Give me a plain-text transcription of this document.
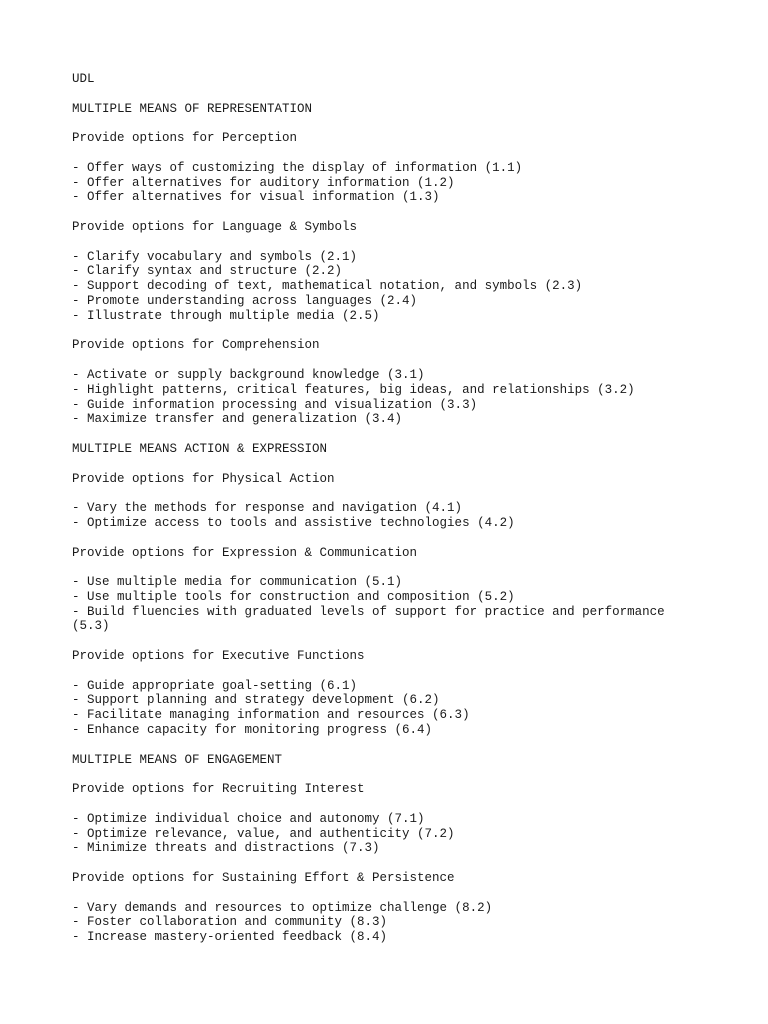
UDL
MULTIPLE MEANS OF REPRESENTATION
Provide options for Perception
- Offer ways of customizing the display of information (1.1)
- Offer alternatives for auditory information (1.2)
- Offer alternatives for visual information (1.3)
Provide options for Language & Symbols
- Clarify vocabulary and symbols (2.1)
- Clarify syntax and structure (2.2)
- Support decoding of text, mathematical notation, and symbols (2.3)
- Promote understanding across languages (2.4)
- Illustrate through multiple media (2.5)
Provide options for Comprehension
- Activate or supply background knowledge (3.1)
- Highlight patterns, critical features, big ideas, and relationships (3.2)
- Guide information processing and visualization (3.3)
- Maximize transfer and generalization (3.4)
MULTIPLE MEANS ACTION & EXPRESSION
Provide options for Physical Action
- Vary the methods for response and navigation (4.1)
- Optimize access to tools and assistive technologies (4.2)
Provide options for Expression & Communication
- Use multiple media for communication (5.1)
- Use multiple tools for construction and composition (5.2)
- Build fluencies with graduated levels of support for practice and performance (5.3)
Provide options for Executive Functions
- Guide appropriate goal-setting (6.1)
- Support planning and strategy development (6.2)
- Facilitate managing information and resources (6.3)
- Enhance capacity for monitoring progress (6.4)
MULTIPLE MEANS OF ENGAGEMENT
Provide options for Recruiting Interest
- Optimize individual choice and autonomy (7.1)
- Optimize relevance, value, and authenticity (7.2)
- Minimize threats and distractions (7.3)
Provide options for Sustaining Effort & Persistence
- Vary demands and resources to optimize challenge (8.2)
- Foster collaboration and community (8.3)
- Increase mastery-oriented feedback (8.4)
